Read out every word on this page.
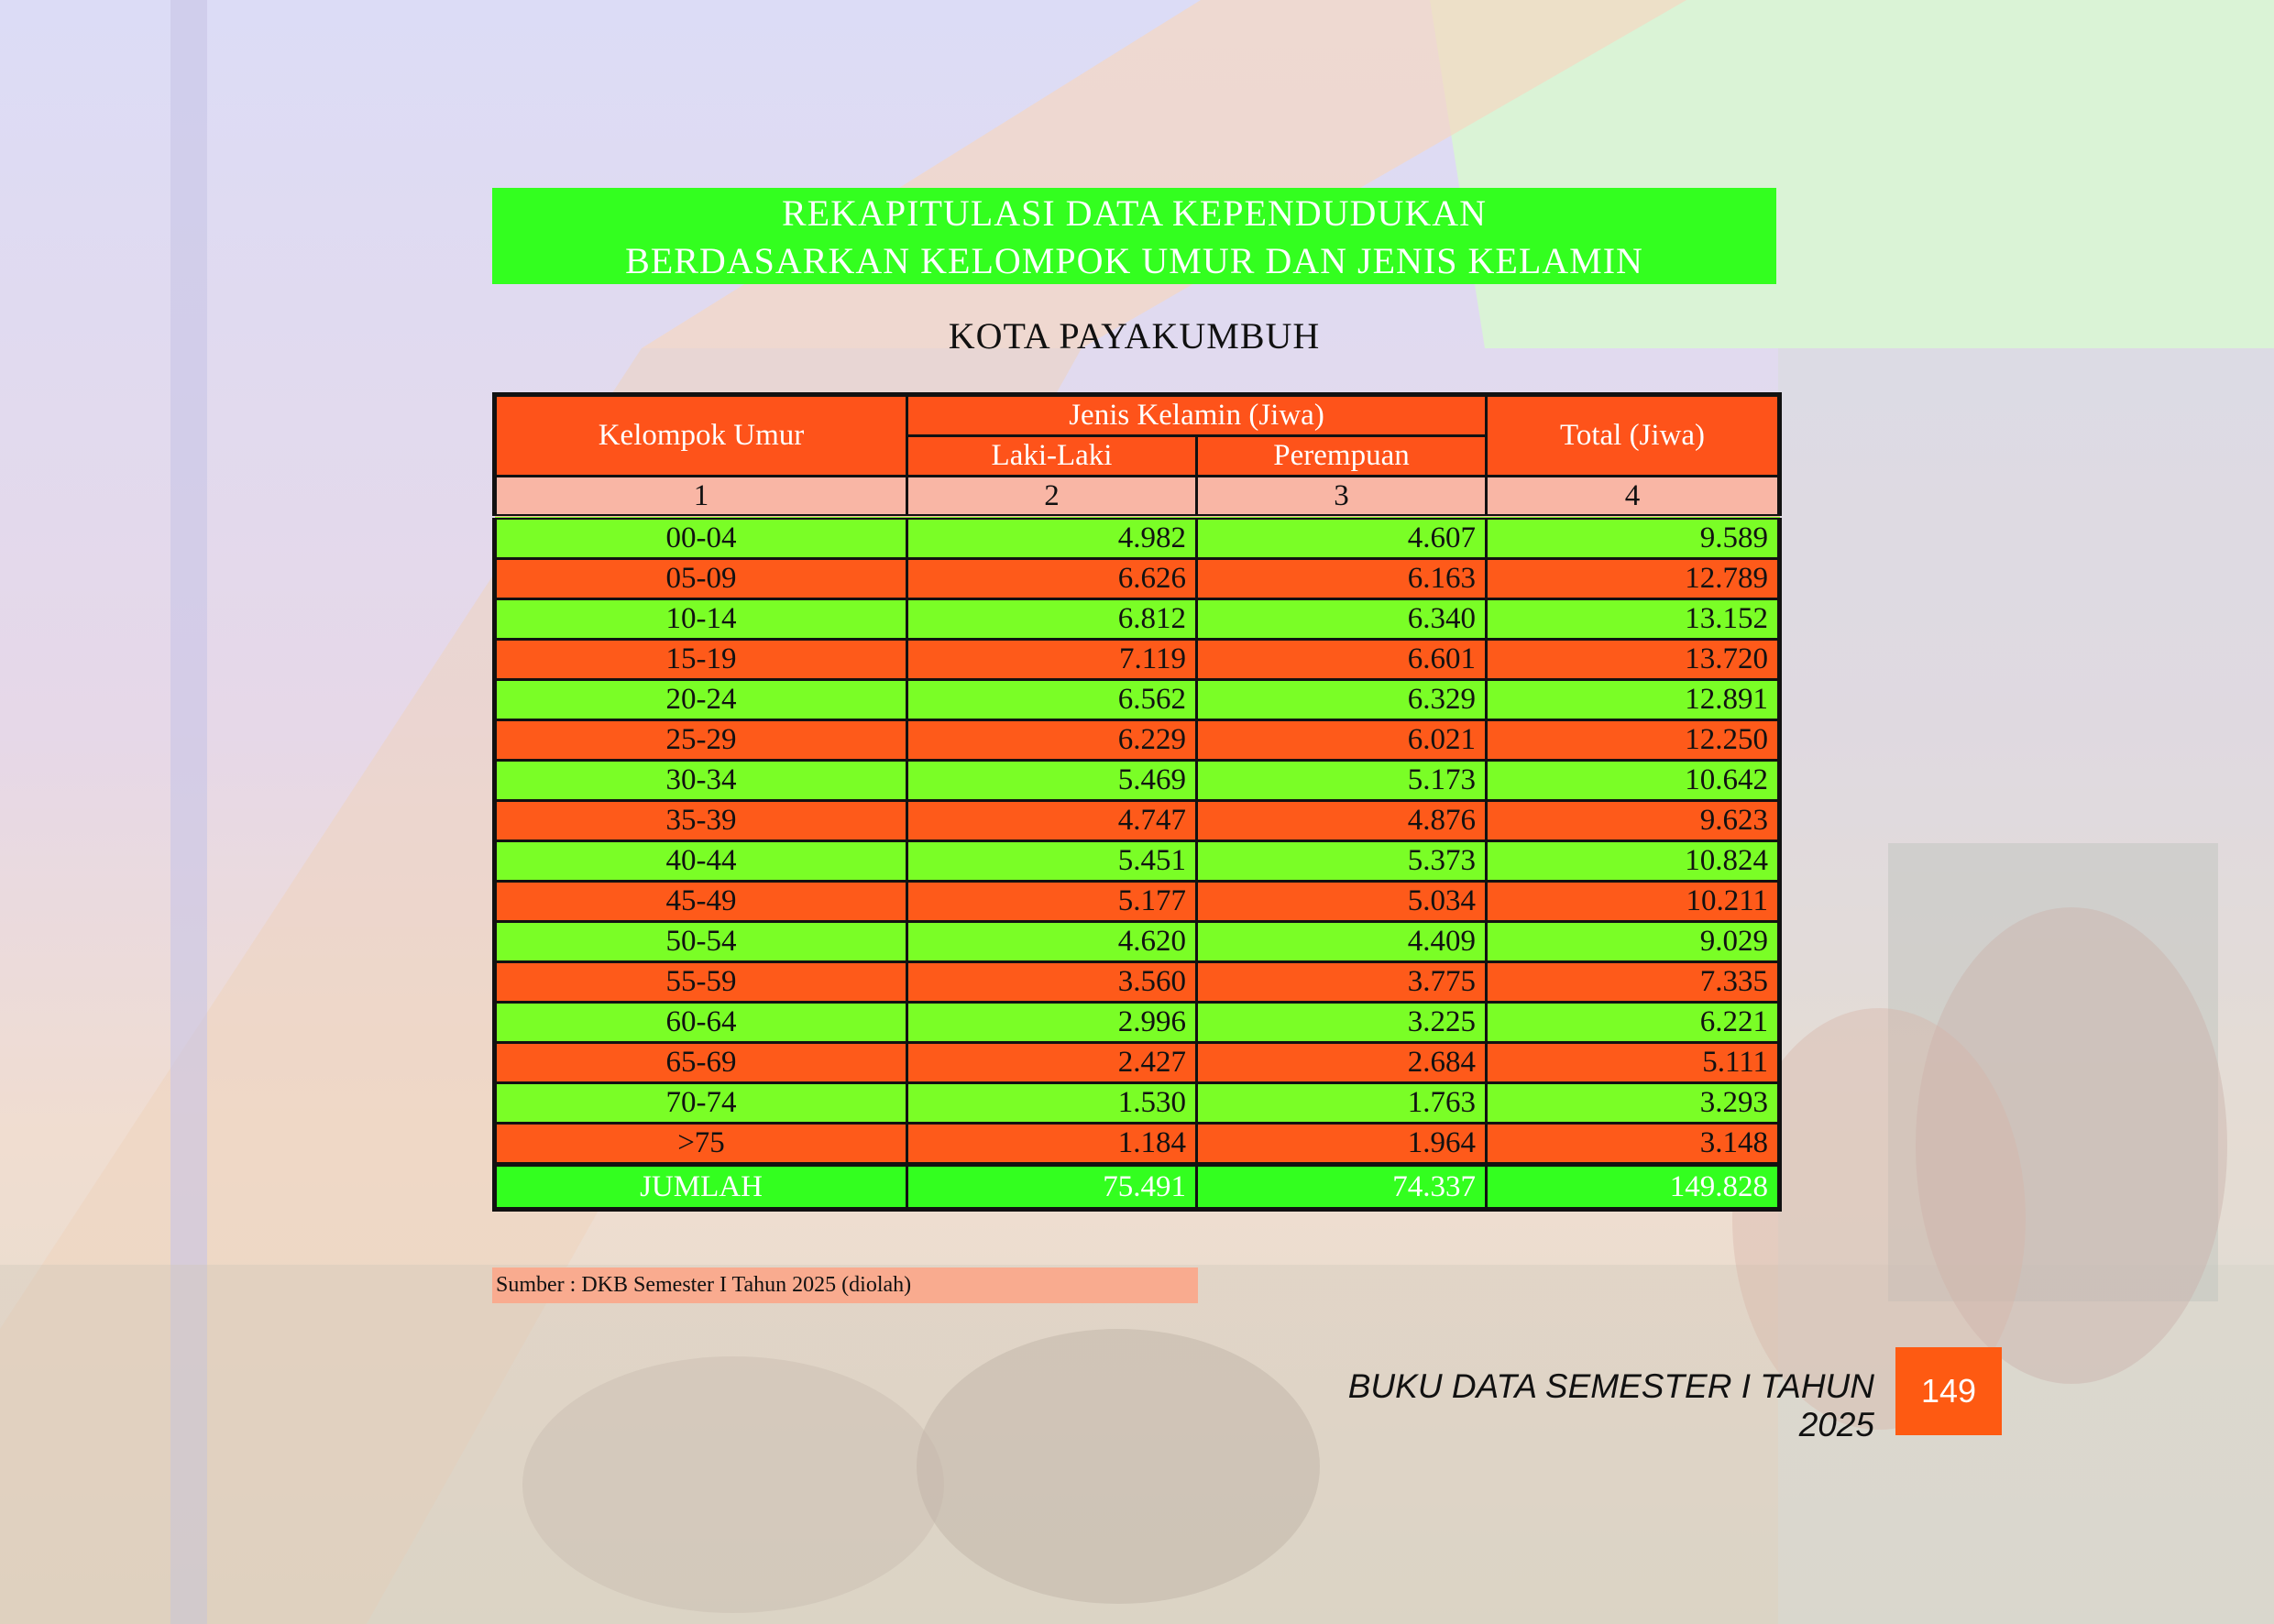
REKAPITULASI DATA KEPENDUDUKAN
BERDASARKAN KELOMPOK UMUR DAN JENIS KELAMIN
KOTA PAYAKUMBUH
Kelompok Umur	Jenis Kelamin (Jiwa)		Total (Jiwa)
	Laki-Laki	Perempuan	
1	2	3	4
00-04	4.982	4.607	9.589
05-09	6.626	6.163	12.789
10-14	6.812	6.340	13.152
15-19	7.119	6.601	13.720
20-24	6.562	6.329	12.891
25-29	6.229	6.021	12.250
30-34	5.469	5.173	10.642
35-39	4.747	4.876	9.623
40-44	5.451	5.373	10.824
45-49	5.177	5.034	10.211
50-54	4.620	4.409	9.029
55-59	3.560	3.775	7.335
60-64	2.996	3.225	6.221
65-69	2.427	2.684	5.111
70-74	1.530	1.763	3.293
>75	1.184	1.964	3.148
JUMLAH	75.491	74.337	149.828
Sumber : DKB Semester I Tahun 2025 (diolah)
BUKU DATA SEMESTER I TAHUN 2025
149
